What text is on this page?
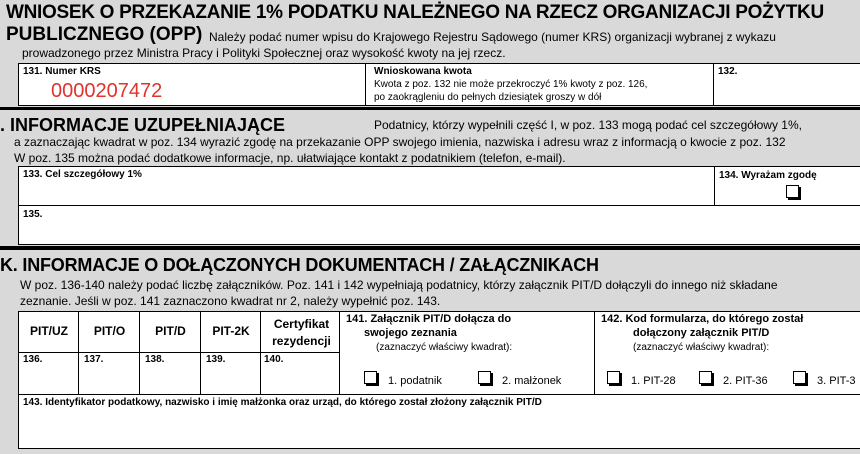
WNIOSEK O PRZEKAZANIE 1% PODATKU NALEŻNEGO NA RZECZ ORGANIZACJI POŻYTKU
PUBLICZNEGO (OPP) Należy podać numer wpisu do Krajowego Rejestru Sądowego (numer KRS) organizacji wybranej z wykazu
prowadzonego przez Ministra Pracy i Polityki Społecznej oraz wysokość kwoty na jej rzecz.
131. Numer KRS
0000207472
Wnioskowana kwota
Kwota z poz. 132 nie może przekroczyć 1% kwoty z poz. 126,
po zaokrągleniu do pełnych dziesiątek groszy w dół
132.
. INFORMACJE UZUPEŁNIAJĄCE	Podatnicy, którzy wypełnili część I, w poz. 133 mogą podać cel szczegółowy 1%,
a zaznaczając kwadrat w poz. 134 wyrazić zgodę na przekazanie OPP swojego imienia, nazwiska i adresu wraz z informacją o kwocie z poz. 132
W poz. 135 można podać dodatkowe informacje, np. ułatwiające kontakt z podatnikiem (telefon, e-mail).
133. Cel szczegółowy 1%	134. Wyrażam zgodę
135.
K. INFORMACJE O DOŁĄCZONYCH DOKUMENTACH / ZAŁĄCZNIKACH
W poz. 136-140 należy podać liczbę załączników. Poz. 141 i 142 wypełniają podatnicy, którzy załącznik PIT/D dołączyli do innego niż składane
zeznanie. Jeśli w poz. 141 zaznaczono kwadrat nr 2, należy wypełnić poz. 143.
PIT/UZ	PIT/O	PIT/D	PIT-2K	Certyfikat
rezydencji
136.	137.	138.	139.	140.
141. Załącznik PIT/D dołącza do
swojego zeznania
(zaznaczyć właściwy kwadrat):
1. podatnik	2. małżonek
142. Kod formularza, do którego został
dołączony załącznik PIT/D
(zaznaczyć właściwy kwadrat):
1. PIT-28	2. PIT-36	3. PIT-3
143. Identyfikator podatkowy, nazwisko i imię małżonka oraz urząd, do którego został złożony załącznik PIT/D
